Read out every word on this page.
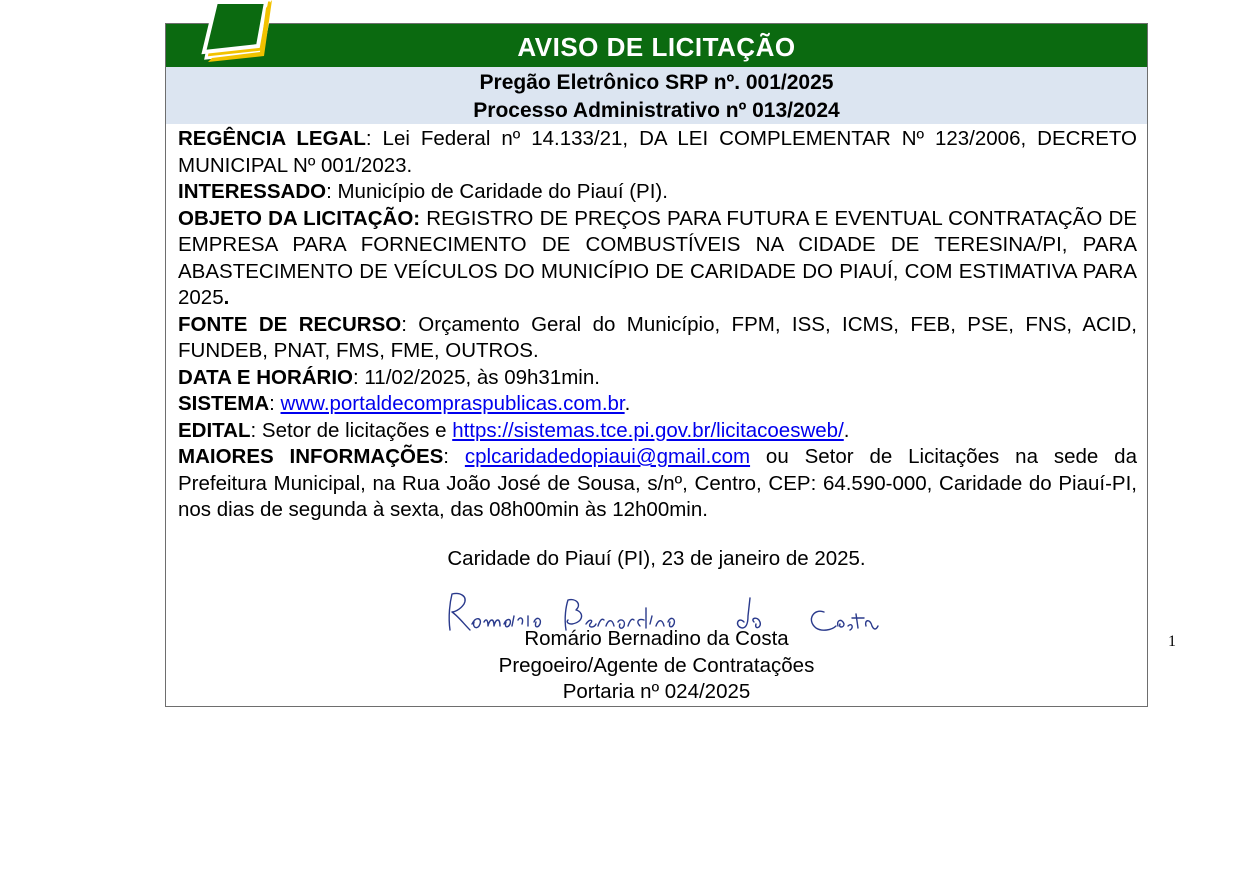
AVISO DE LICITAÇÃO
Pregão Eletrônico SRP nº. 001/2025
Processo Administrativo nº 013/2024

REGÊNCIA LEGAL: Lei Federal nº 14.133/21, DA LEI COMPLEMENTAR Nº 123/2006, DECRETO MUNICIPAL Nº 001/2023.

INTERESSADO: Município de Caridade do Piauí (PI).

OBJETO DA LICITAÇÃO: REGISTRO DE PREÇOS PARA FUTURA E EVENTUAL CONTRATAÇÃO DE EMPRESA PARA FORNECIMENTO DE COMBUSTÍVEIS NA CIDADE DE TERESINA/PI, PARA ABASTECIMENTO DE VEÍCULOS DO MUNICÍPIO DE CARIDADE DO PIAUÍ, COM ESTIMATIVA PARA 2025.

FONTE DE RECURSO: Orçamento Geral do Município, FPM, ISS, ICMS, FEB, PSE, FNS, ACID, FUNDEB, PNAT, FMS, FME, OUTROS.

DATA E HORÁRIO: 11/02/2025, às 09h31min.

SISTEMA: www.portaldecompraspublicas.com.br.

EDITAL: Setor de licitações e https://sistemas.tce.pi.gov.br/licitacoesweb/.

MAIORES INFORMAÇÕES: cplcaridadedopiaui@gmail.com ou Setor de Licitações na sede da Prefeitura Municipal, na Rua João José de Sousa, s/nº, Centro, CEP: 64.590-000, Caridade do Piauí-PI, nos dias de segunda à sexta, das 08h00min às 12h00min.

Caridade do Piauí (PI), 23 de janeiro de 2025.
Romário Bernadino da Costa
Pregoeiro/Agente de Contratações
Portaria nº 024/2025
1
